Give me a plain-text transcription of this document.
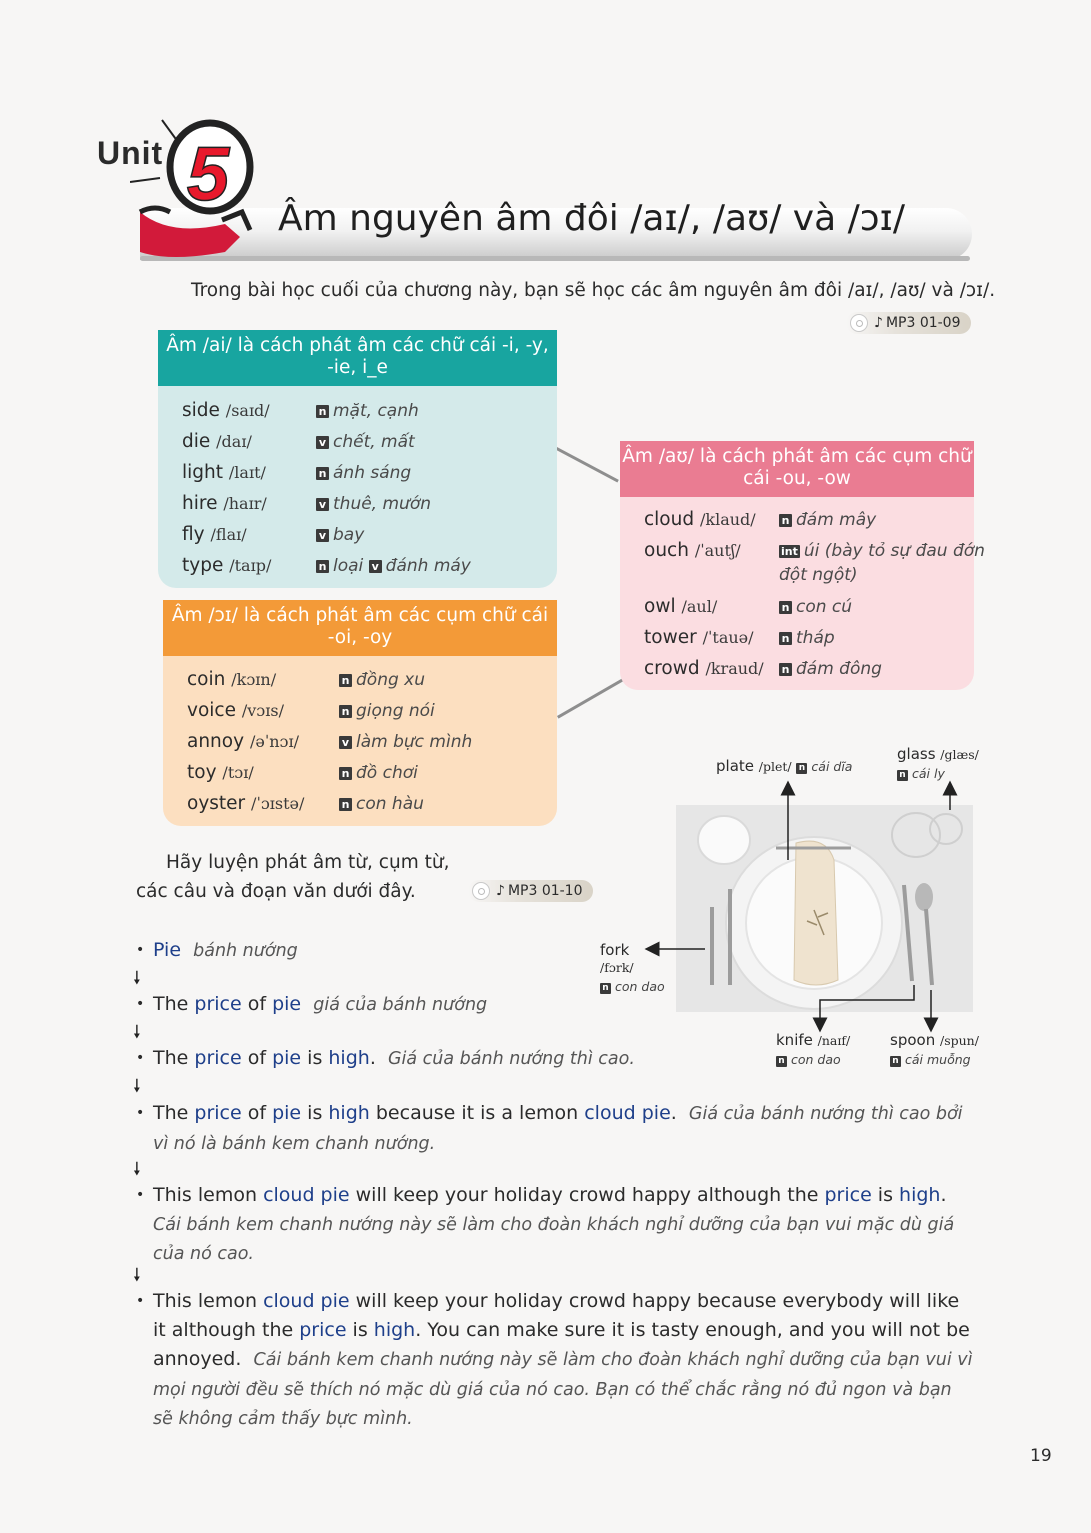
Unit 5
Âm nguyên âm đôi /aɪ/, /aʊ/ và /ɔɪ/
Trong bài học cuối của chương này, bạn sẽ học các âm nguyên âm đôi /aɪ/, /aʊ/ và /ɔɪ/.
♪ MP3 01-09
Âm /ai/ là cách phát âm các chữ cái -i, -y,
-ie, i_e
side /saɪd/	n mặt, cạnh
die /daɪ/	v chết, mất
light /laɪt/	n ánh sáng
hire /haɪr/	v thuê, mướn
fly /flaɪ/	v bay
type /taɪp/	n loại v đánh máy
Âm /ɔɪ/ là cách phát âm các cụm chữ cái
-oi, -oy
coin /kɔɪn/	n đồng xu
voice /vɔɪs/	n giọng nói
annoy /əˈnɔɪ/	v làm bực mình
toy /tɔɪ/	n đồ chơi
oyster /ˈɔɪstə/	n con hàu
Âm /aʊ/ là cách phát âm các cụm chữ
cái -ou, -ow
cloud /klaud/ n đám mây
ouch /ˈautʃ/	int úi (bày tỏ sự đau đớn
đột ngột)
owl /aul/	n con cú
tower /ˈtauə/	n tháp
crowd /kraud/ n đám đông
Hãy luyện phát âm từ, cụm từ,
các câu và đoạn văn dưới đây.	♪ MP3 01-10
plate /plet/ n cái dĩa
glass /glæs/
n cái ly
fork
/fɔrk/
n con dao
knife /naɪf/
n con dao
spoon /spun/
n cái muỗng
• Pie bánh nướng
🠗
• The price of pie giá của bánh nướng
🠗
• The price of pie is high. Giá của bánh nướng thì cao.
🠗
• The price of pie is high because it is a lemon cloud pie. Giá của bánh nướng thì cao bởi
vì nó là bánh kem chanh nướng.
🠗
• This lemon cloud pie will keep your holiday crowd happy although the price is high.
Cái bánh kem chanh nướng này sẽ làm cho đoàn khách nghỉ dưỡng của bạn vui mặc dù giá
của nó cao.
🠗
• This lemon cloud pie will keep your holiday crowd happy because everybody will like
it although the price is high. You can make sure it is tasty enough, and you will not be
annoyed. Cái bánh kem chanh nướng này sẽ làm cho đoàn khách nghỉ dưỡng của bạn vui vì
mọi người đều sẽ thích nó mặc dù giá của nó cao. Bạn có thể chắc rằng nó đủ ngon và bạn
sẽ không cảm thấy bực mình.
19
